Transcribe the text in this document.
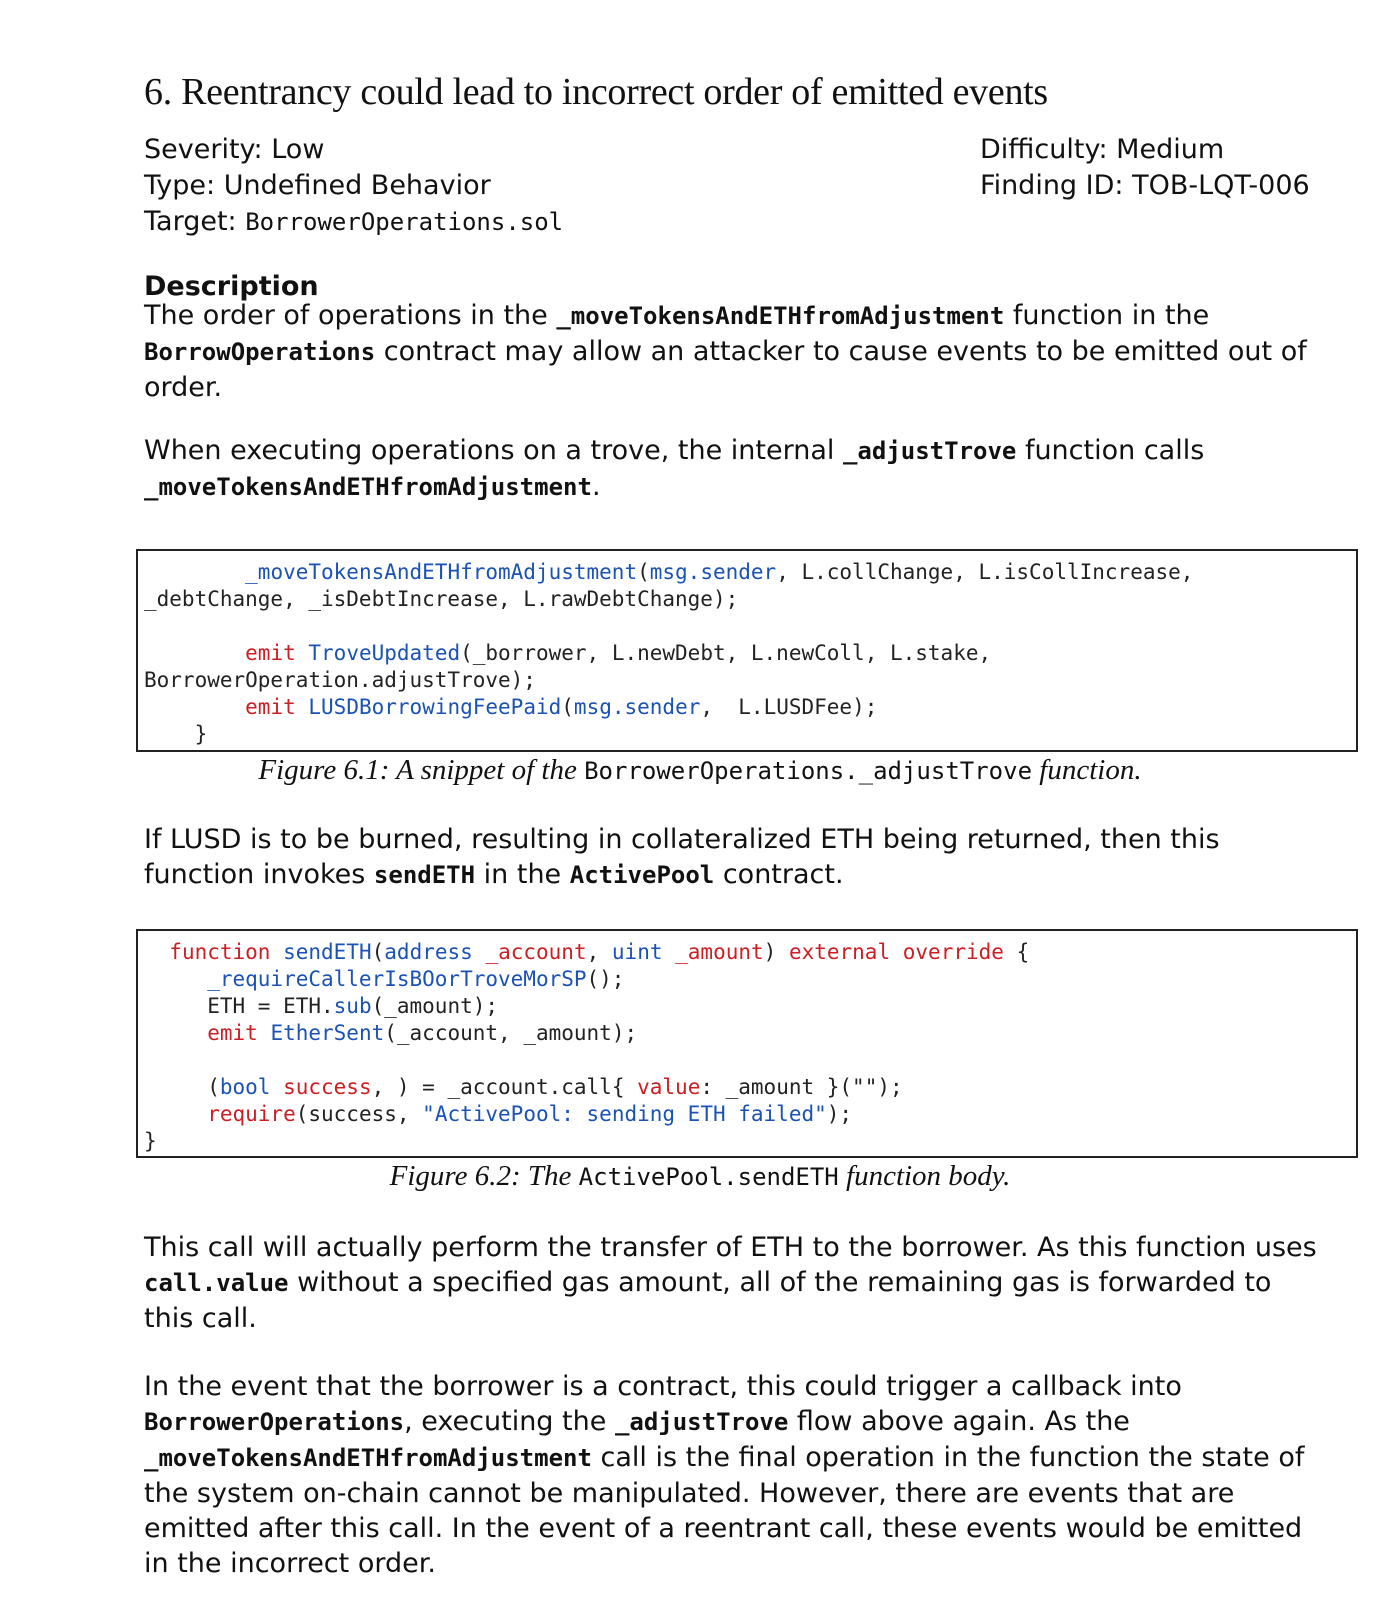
6. Reentrancy could lead to incorrect order of emitted events
Severity: Low
Type: Undefined Behavior
Target: BorrowerOperations.sol
Difficulty: Medium
Finding ID: TOB-LQT-006
Description
The order of operations in the _moveTokensAndETHfromAdjustment function in the BorrowOperations contract may allow an attacker to cause events to be emitted out of order.
When executing operations on a trove, the internal _adjustTrove function calls _moveTokensAndETHfromAdjustment.
_moveTokensAndETHfromAdjustment(msg.sender, L.collChange, L.isCollIncrease,
_debtChange, _isDebtIncrease, L.rawDebtChange);

emit TroveUpdated(_borrower, L.newDebt, L.newColl, L.stake,
BorrowerOperation.adjustTrove);
emit LUSDBorrowingFeePaid(msg.sender,  L.LUSDFee);
}
Figure 6.1: A snippet of the BorrowerOperations._adjustTrove function.
If LUSD is to be burned, resulting in collateralized ETH being returned, then this function invokes sendETH in the ActivePool contract.
function sendETH(address _account, uint _amount) external override {
_requireCallerIsBOorTroveMorSP();
ETH = ETH.sub(_amount);
emit EtherSent(_account, _amount);

(bool success, ) = _account.call{ value: _amount }("");
require(success, "ActivePool: sending ETH failed");
}
Figure 6.2: The ActivePool.sendETH function body.
This call will actually perform the transfer of ETH to the borrower. As this function uses call.value without a specified gas amount, all of the remaining gas is forwarded to this call.
In the event that the borrower is a contract, this could trigger a callback into BorrowerOperations, executing the _adjustTrove flow above again. As the _moveTokensAndETHfromAdjustment call is the final operation in the function the state of the system on-chain cannot be manipulated. However, there are events that are emitted after this call. In the event of a reentrant call, these events would be emitted in the incorrect order.
